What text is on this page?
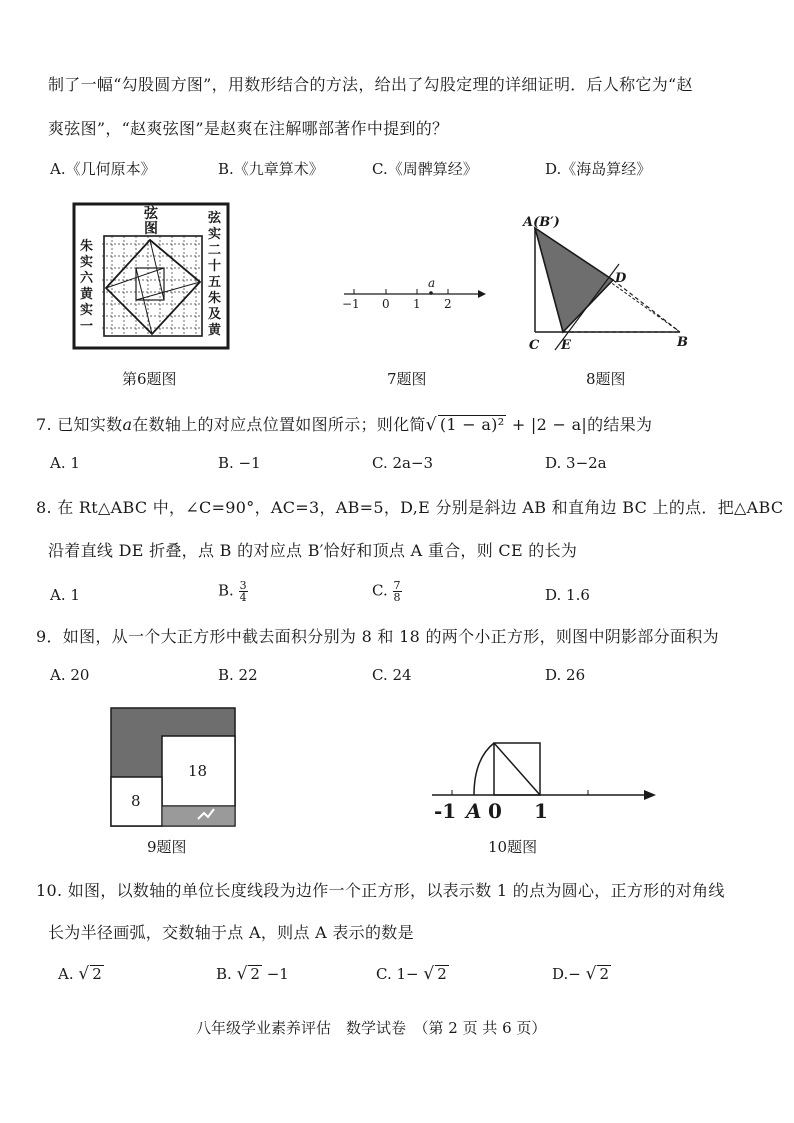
制了一幅“勾股圆方图”，用数形结合的方法，给出了勾股定理的详细证明．后人称它为“赵
爽弦图”，“赵爽弦图”是赵爽在注解哪部著作中提到的？
A.《几何原本》	B.《九章算术》	C.《周髀算经》	D.《海岛算经》
弦
图
朱
实
六
黄
实
一
弦
实
二
十
五
朱
及
黄
第6题图
a
−1 0 1 2
7题图
A(B′)
D
C E	B
8题图
7. 已知实数a在数轴上的对应点位置如图所示；则化简√ (1 − a)² + |2 − a|的结果为
A. 1	B. −1	C. 2a−3	D. 3−2a
8. 在 Rt△ABC 中，∠C=90°，AC=3，AB=5，D,E 分别是斜边 AB 和直角边 BC 上的点．把△ABC
沿着直线 DE 折叠，点 B 的对应点 B′恰好和顶点 A 重合，则 CE 的长为
A. 1	B. $\frac{3}{4}$	C. $\frac{7}{8}$	D. 1.6
9．如图，从一个大正方形中截去面积分别为 8 和 18 的两个小正方形，则图中阴影部分面积为
A. 20	B. 22	C. 24	D. 26
18
8
9题图
-1 A 0 1
10题图
10. 如图，以数轴的单位长度线段为边作一个正方形，以表示数 1 的点为圆心，正方形的对角线
长为半径画弧，交数轴于点 A，则点 A 表示的数是
A. √ 2	B. √ 2 −1	C. 1− √ 2	D.− √ 2
八年级学业素养评估　数学试卷　（第 2 页 共 6 页）
